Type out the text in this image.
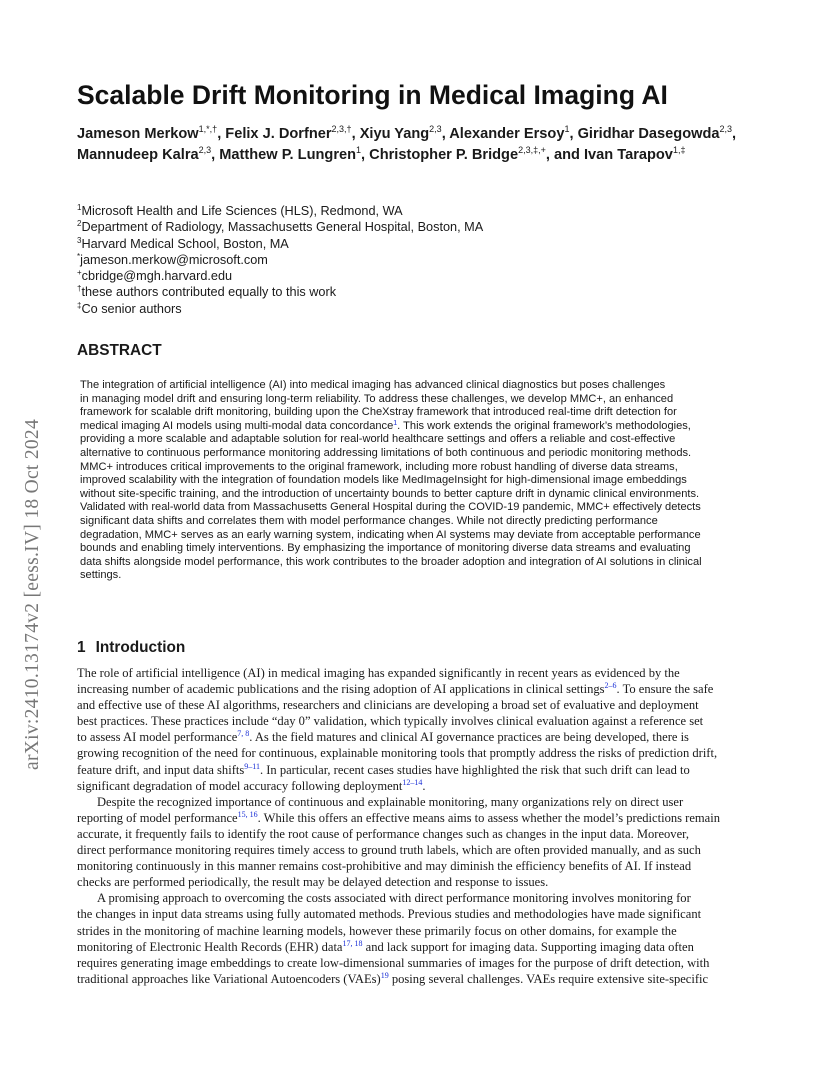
arXiv:2410.13174v2 [eess.IV] 18 Oct 2024
Scalable Drift Monitoring in Medical Imaging AI
Jameson Merkow$^{1,*,\dagger}$, Felix J. Dorfner$^{2,3,\dagger}$, Xiyu Yang$^{2,3}$, Alexander Ersoy$^1$, Giridhar Dasegowda$^{2,3}$, Mannudeep Kalra$^{2,3}$, Matthew P. Lungren$^1$, Christopher P. Bridge$^{2,3,\ddagger,+}$, and Ivan Tarapov$^{1,\ddagger}$
$^1$Microsoft Health and Life Sciences (HLS), Redmond, WA
$^2$Department of Radiology, Massachusetts General Hospital, Boston, MA
$^3$Harvard Medical School, Boston, MA
*jameson.merkow@microsoft.com
+cbridge@mgh.harvard.edu
†these authors contributed equally to this work
‡Co senior authors
ABSTRACT
The integration of artificial intelligence (AI) into medical imaging has advanced clinical diagnostics but poses challenges
in managing model drift and ensuring long-term reliability. To address these challenges, we develop MMC+, an enhanced
framework for scalable drift monitoring, building upon the CheXstray framework that introduced real-time drift detection for
medical imaging AI models using multi-modal data concordance$^1$. This work extends the original framework’s methodologies,
providing a more scalable and adaptable solution for real-world healthcare settings and offers a reliable and cost-effective
alternative to continuous performance monitoring addressing limitations of both continuous and periodic monitoring methods.
MMC+ introduces critical improvements to the original framework, including more robust handling of diverse data streams,
improved scalability with the integration of foundation models like MedImageInsight for high-dimensional image embeddings
without site-specific training, and the introduction of uncertainty bounds to better capture drift in dynamic clinical environments.
Validated with real-world data from Massachusetts General Hospital during the COVID-19 pandemic, MMC+ effectively detects
significant data shifts and correlates them with model performance changes. While not directly predicting performance
degradation, MMC+ serves as an early warning system, indicating when AI systems may deviate from acceptable performance
bounds and enabling timely interventions. By emphasizing the importance of monitoring diverse data streams and evaluating
data shifts alongside model performance, this work contributes to the broader adoption and integration of AI solutions in clinical
settings.
1 Introduction
The role of artificial intelligence (AI) in medical imaging has expanded significantly in recent years as evidenced by the
increasing number of academic publications and the rising adoption of AI applications in clinical settings$^{2-6}$. To ensure the safe
and effective use of these AI algorithms, researchers and clinicians are developing a broad set of evaluative and deployment
best practices. These practices include “day 0” validation, which typically involves clinical evaluation against a reference set
to assess AI model performance$^{7, 8}$. As the field matures and clinical AI governance practices are being developed, there is
growing recognition of the need for continuous, explainable monitoring tools that promptly address the risks of prediction drift,
feature drift, and input data shifts$^{9-11}$. In particular, recent cases studies have highlighted the risk that such drift can lead to
significant degradation of model accuracy following deployment$^{12-14}$.
Despite the recognized importance of continuous and explainable monitoring, many organizations rely on direct user
reporting of model performance$^{15, 16}$. While this offers an effective means aims to assess whether the model’s predictions remain
accurate, it frequently fails to identify the root cause of performance changes such as changes in the input data. Moreover,
direct performance monitoring requires timely access to ground truth labels, which are often provided manually, and as such
monitoring continuously in this manner remains cost-prohibitive and may diminish the efficiency benefits of AI. If instead
checks are performed periodically, the result may be delayed detection and response to issues.
A promising approach to overcoming the costs associated with direct performance monitoring involves monitoring for
the changes in input data streams using fully automated methods. Previous studies and methodologies have made significant
strides in the monitoring of machine learning models, however these primarily focus on other domains, for example the
monitoring of Electronic Health Records (EHR) data$^{17, 18}$ and lack support for imaging data. Supporting imaging data often
requires generating image embeddings to create low-dimensional summaries of images for the purpose of drift detection, with
traditional approaches like Variational Autoencoders (VAEs)$^{19}$ posing several challenges. VAEs require extensive site-specific
